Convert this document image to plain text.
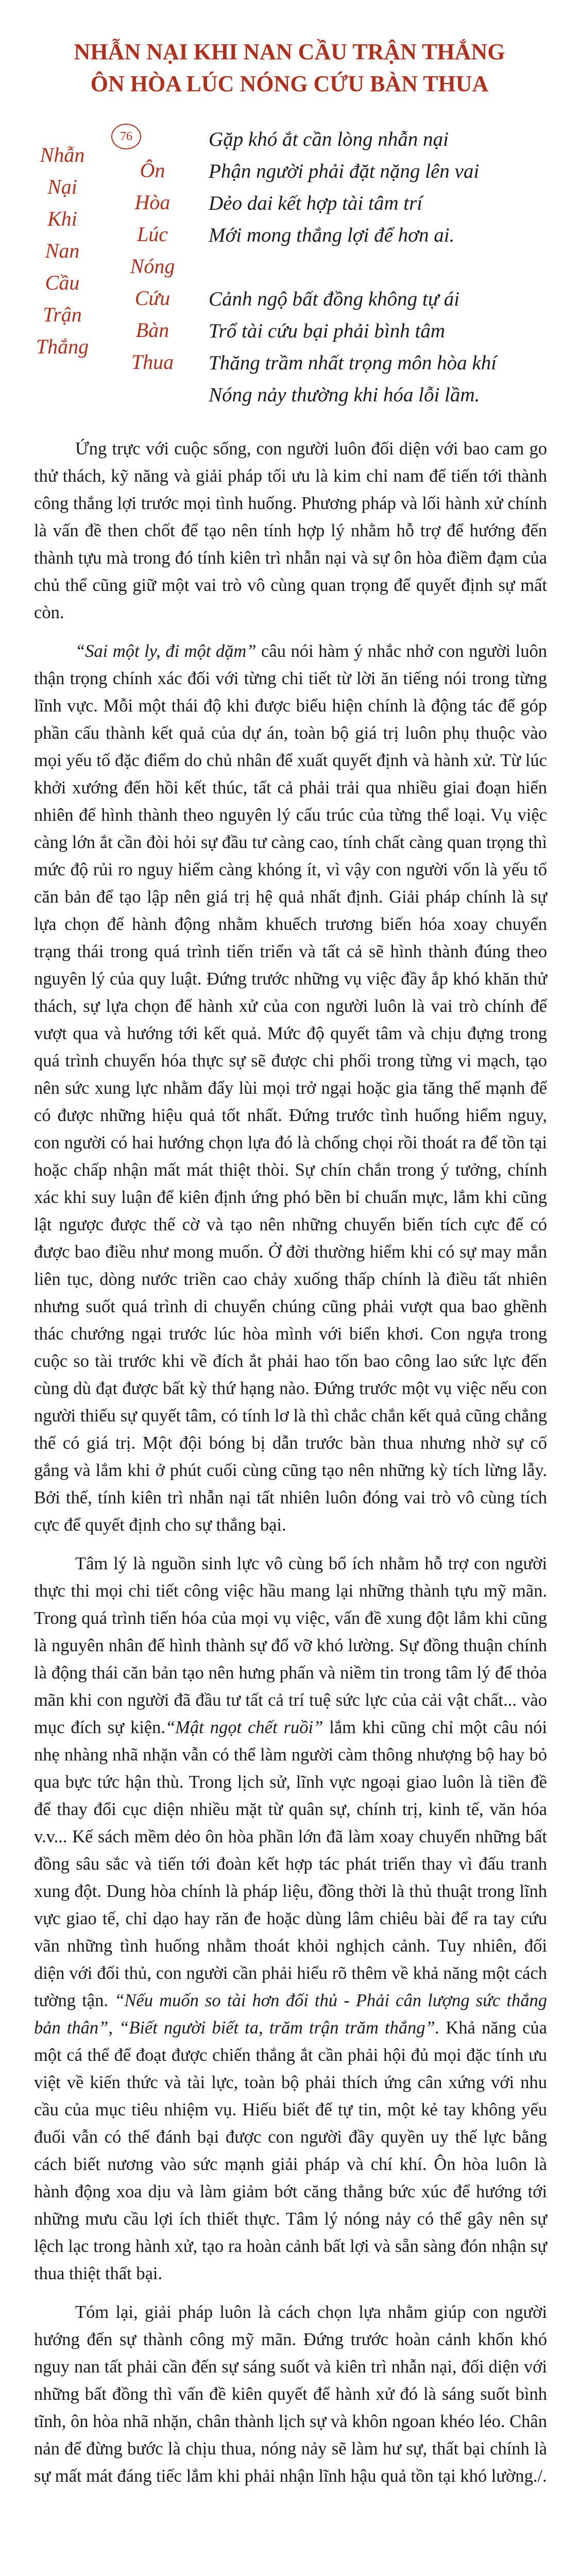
NHẪN NẠI KHI NAN CẦU TRẬN THẮNG
ÔN HÒA LÚC NÓNG CỨU BÀN THUA
76
Nhẫn
Nại
Khi
Nan
Cầu
Trận
Thắng
Ôn
Hòa
Lúc
Nóng
Cứu
Bàn
Thua
Gặp khó ắt cần lòng nhẫn nại
Phận người phải đặt nặng lên vai
Dẻo dai kết hợp tài tâm trí
Mới mong thắng lợi để hơn ai.
Cảnh ngộ bất đồng không tự ái
Trổ tài cứu bại phải bình tâm
Thăng trầm nhất trọng môn hòa khí
Nóng nảy thường khi hóa lỗi lầm.

Ứng trực với cuộc sống, con người luôn đối diện với bao cam go thử thách, kỹ năng và giải pháp tối ưu là kim chỉ nam để tiến tới thành công thắng lợi trước mọi tình huống. Phương pháp và lối hành xử chính là vấn đề then chốt để tạo nên tính hợp lý nhằm hỗ trợ để hướng đến thành tựu mà trong đó tính kiên trì nhẫn nại và sự ôn hòa điềm đạm của chủ thể cũng giữ một vai trò vô cùng quan trọng để quyết định sự mất còn.

“Sai một ly, đi một dặm” câu nói hàm ý nhắc nhở con người luôn thận trọng chính xác đối với từng chi tiết từ lời ăn tiếng nói trong từng lĩnh vực. Mỗi một thái độ khi được biểu hiện chính là động tác để góp phần cấu thành kết quả của dự án, toàn bộ giá trị luôn phụ thuộc vào mọi yếu tố đặc điểm do chủ nhân để xuất quyết định và hành xử. Từ lúc khởi xướng đến hồi kết thúc, tất cả phải trải qua nhiều giai đoạn hiển nhiên để hình thành theo nguyên lý cấu trúc của từng thể loại. Vụ việc càng lớn ắt cần đòi hỏi sự đầu tư càng cao, tính chất càng quan trọng thì mức độ rủi ro nguy hiểm càng khóng ít, vì vậy con người vốn là yếu tố căn bản để tạo lập nên giá trị hệ quả nhất định. Giải pháp chính là sự lựa chọn để hành động nhằm khuếch trương biến hóa xoay chuyển trạng thái trong quá trình tiến triển và tất cả sẽ hình thành đúng theo nguyên lý của quy luật. Đứng trước những vụ việc đầy ắp khó khăn thử thách, sự lựa chọn để hành xử của con người luôn là vai trò chính để vượt qua và hướng tới kết quả. Mức độ quyết tâm và chịu đựng trong quá trình chuyển hóa thực sự sẽ được chi phối trong từng vi mạch, tạo nên sức xung lực nhằm đẩy lùi mọi trở ngại hoặc gia tăng thế mạnh để có được những hiệu quả tốt nhất. Đứng trước tình huống hiểm nguy, con người có hai hướng chọn lựa đó là chống chọi rồi thoát ra để tồn tại hoặc chấp nhận mất mát thiệt thòi. Sự chín chắn trong ý tưởng, chính xác khi suy luận để kiên định ứng phó bền bỉ chuẩn mực, lắm khi cũng lật ngược được thế cờ và tạo nên những chuyển biến tích cực để có được bao điều như mong muốn. Ở đời thường hiểm khi có sự may mắn liên tục, dòng nước triền cao chảy xuống thấp chính là điều tất nhiên nhưng suốt quá trình di chuyển chúng cũng phải vượt qua bao ghềnh thác chướng ngại trước lúc hòa mình với biển khơi. Con ngựa trong cuộc so tài trước khi về đích ắt phải hao tốn bao công lao sức lực đến cùng dù đạt được bất kỳ thứ hạng nào. Đứng trước một vụ việc nếu con người thiếu sự quyết tâm, có tính lơ là thì chắc chắn kết quả cũng chẳng thể có giá trị. Một đội bóng bị dẫn trước bàn thua nhưng nhờ sự cố gắng và lắm khi ở phút cuối cùng cũng tạo nên những kỳ tích lừng lẫy. Bởi thế, tính kiên trì nhẫn nại tất nhiên luôn đóng vai trò vô cùng tích cực để quyết định cho sự thắng bại.

Tâm lý là nguồn sinh lực vô cùng bổ ích nhằm hỗ trợ con người thực thi mọi chi tiết công việc hầu mang lại những thành tựu mỹ mãn. Trong quá trình tiến hóa của mọi vụ việc, vấn đề xung đột lắm khi cũng là nguyên nhân để hình thành sự đổ vỡ khó lường. Sự đồng thuận chính là động thái căn bản tạo nên hưng phấn và niềm tin trong tâm lý để thỏa mãn khi con người đã đầu tư tất cả trí tuệ sức lực của cải vật chất... vào mục đích sự kiện.“Mật ngọt chết ruồi” lắm khi cũng chỉ một câu nói nhẹ nhàng nhã nhặn vẫn có thể làm người càm thông nhượng bộ hay bỏ qua bực tức hận thù. Trong lịch sử, lĩnh vực ngoại giao luôn là tiền đề để thay đổi cục diện nhiều mặt từ quân sự, chính trị, kinh tế, văn hóa v.v... Kế sách mềm dẻo ôn hòa phần lớn đã làm xoay chuyển những bất đồng sâu sắc và tiến tới đoàn kết hợp tác phát triển thay vì đấu tranh xung đột. Dung hòa chính là pháp liệu, đồng thời là thủ thuật trong lĩnh vực giao tế, chỉ dạo hay răn đe hoặc dùng lâm chiêu bài để ra tay cứu vãn những tình huống nhằm thoát khỏi nghịch cảnh. Tuy nhiên, đối diện với đối thủ, con người cần phải hiểu rõ thêm về khả năng một cách tường tận. “Nếu muốn so tài hơn đối thủ - Phải cân lượng sức thắng bản thân”, “Biết người biết ta, trăm trận trăm thắng”. Khả năng của một cá thể để đoạt được chiến thắng ắt cần phải hội đủ mọi đặc tính ưu việt về kiến thức và tài lực, toàn bộ phải thích ứng cân xứng với nhu cầu của mục tiêu nhiệm vụ. Hiếu biết để tự tin, một kẻ tay không yếu đuối vẫn có thể đánh bại được con người đầy quyền uy thế lực bằng cách biết nương vào sức mạnh giải pháp và chí khí. Ôn hòa luôn là hành động xoa dịu và làm giảm bớt căng thẳng bức xúc để hướng tới những mưu cầu lợi ích thiết thực. Tâm lý nóng nảy có thể gây nên sự lệch lạc trong hành xử, tạo ra hoàn cảnh bất lợi và sẵn sàng đón nhận sự thua thiệt thất bại.

Tóm lại, giải pháp luôn là cách chọn lựa nhằm giúp con người hướng đến sự thành công mỹ mãn. Đứng trước hoàn cảnh khốn khó nguy nan tất phải cần đến sự sáng suốt và kiên trì nhẫn nại, đối diện với những bất đồng thì vấn đề kiên quyết để hành xử đó là sáng suốt bình tĩnh, ôn hòa nhã nhặn, chân thành lịch sự và khôn ngoan khéo léo. Chân nản để đừng bước là chịu thua, nóng nảy sẽ làm hư sự, thất bại chính là sự mất mát đáng tiếc lắm khi phải nhận lĩnh hậu quả tồn tại khó lường./.
